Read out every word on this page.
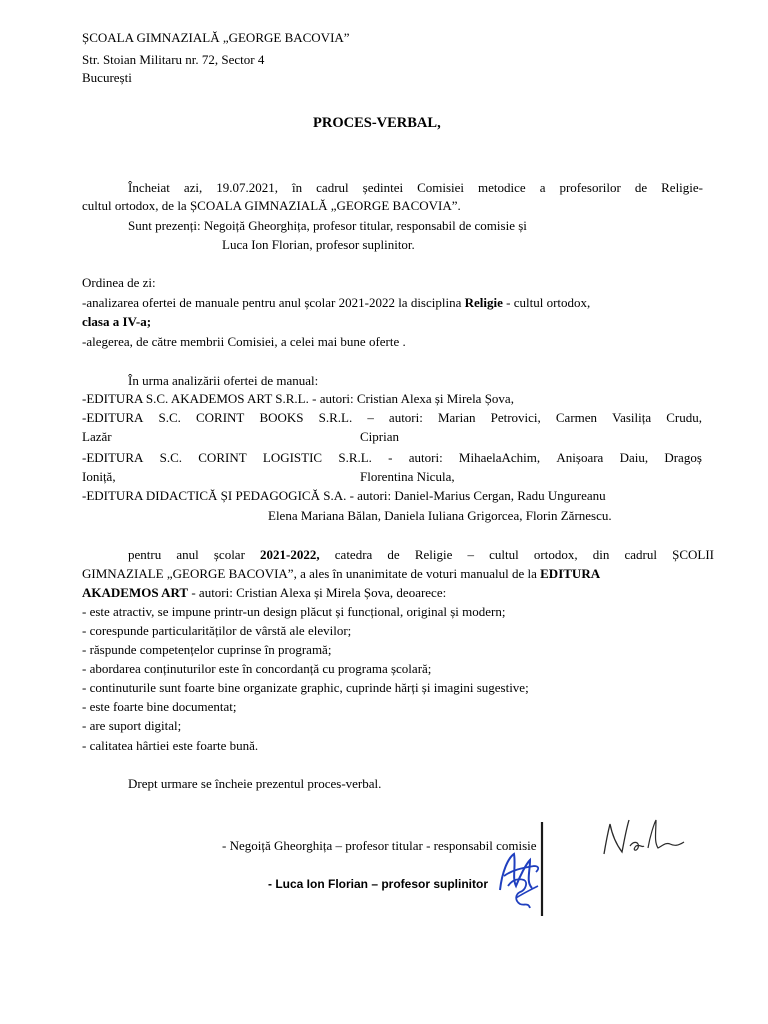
ȘCOALA GIMNAZIALĂ „GEORGE BACOVIA”
Str. Stoian Militaru nr. 72, Sector 4
București
PROCES-VERBAL,
Încheiat azi, 19.07.2021, în cadrul ședintei Comisiei metodice a profesorilor de Religie-
cultul ortodox, de la ȘCOALA GIMNAZIALĂ „GEORGE BACOVIA”.
Sunt prezenți: Negoiță Gheorghița, profesor titular, responsabil de comisie și
Luca Ion Florian, profesor suplinitor.
Ordinea de zi:
-analizarea ofertei de manuale pentru anul școlar 2021-2022 la disciplina Religie - cultul ortodox,
clasa a IV-a;
-alegerea, de către membrii Comisiei, a celei mai bune oferte .
În urma analizării ofertei de manual:
-EDITURA S.C. AKADEMOS ART S.R.L. - autori: Cristian Alexa și Mirela Șova,
-EDITURA S.C. CORINT BOOKS S.R.L. – autori: Marian Petrovici, Carmen Vasilița Crudu,
Lazăr	Ciprian
-EDITURA S.C. CORINT LOGISTIC S.R.L. - autori: MihaelaAchim, Anișoara Daiu, Dragoș
Ioniță,	Florentina Nicula,
-EDITURA DIDACTICĂ ȘI PEDAGOGICĂ S.A. - autori: Daniel-Marius Cergan, Radu Ungureanu
Elena Mariana Bălan, Daniela Iuliana Grigorcea, Florin Zărnescu.
pentru anul școlar 2021-2022, catedra de Religie – cultul ortodox, din cadrul ȘCOLII
GIMNAZIALE „GEORGE BACOVIA”, a ales în unanimitate de voturi manualul de la EDITURA
AKADEMOS ART - autori: Cristian Alexa și Mirela Șova, deoarece:
- este atractiv, se impune printr-un design plăcut și funcțional, original și modern;
- corespunde particularităților de vârstă ale elevilor;
- răspunde competențelor cuprinse în programă;
- abordarea conținuturilor este în concordanță cu programa școlară;
- continuturile sunt foarte bine organizate graphic, cuprinde hărți și imagini sugestive;
- este foarte bine documentat;
- are suport digital;
- calitatea hârtiei este foarte bună.
Drept urmare se încheie prezentul proces-verbal.
- Negoiță Gheorghița – profesor titular - responsabil comisie
- Luca Ion Florian – profesor suplinitor
